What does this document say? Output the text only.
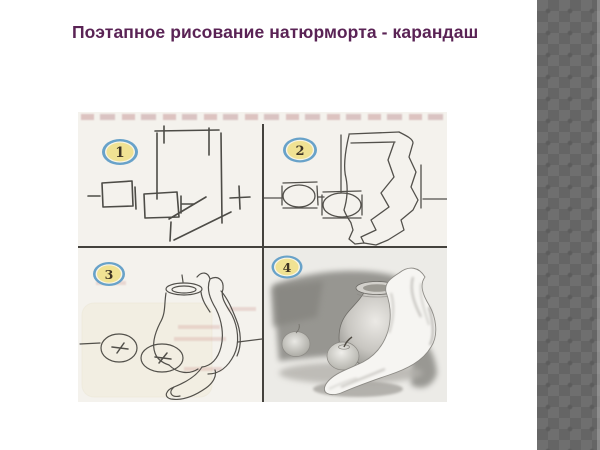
Поэтапное рисование натюрморта - карандаш
1	2
3	4
